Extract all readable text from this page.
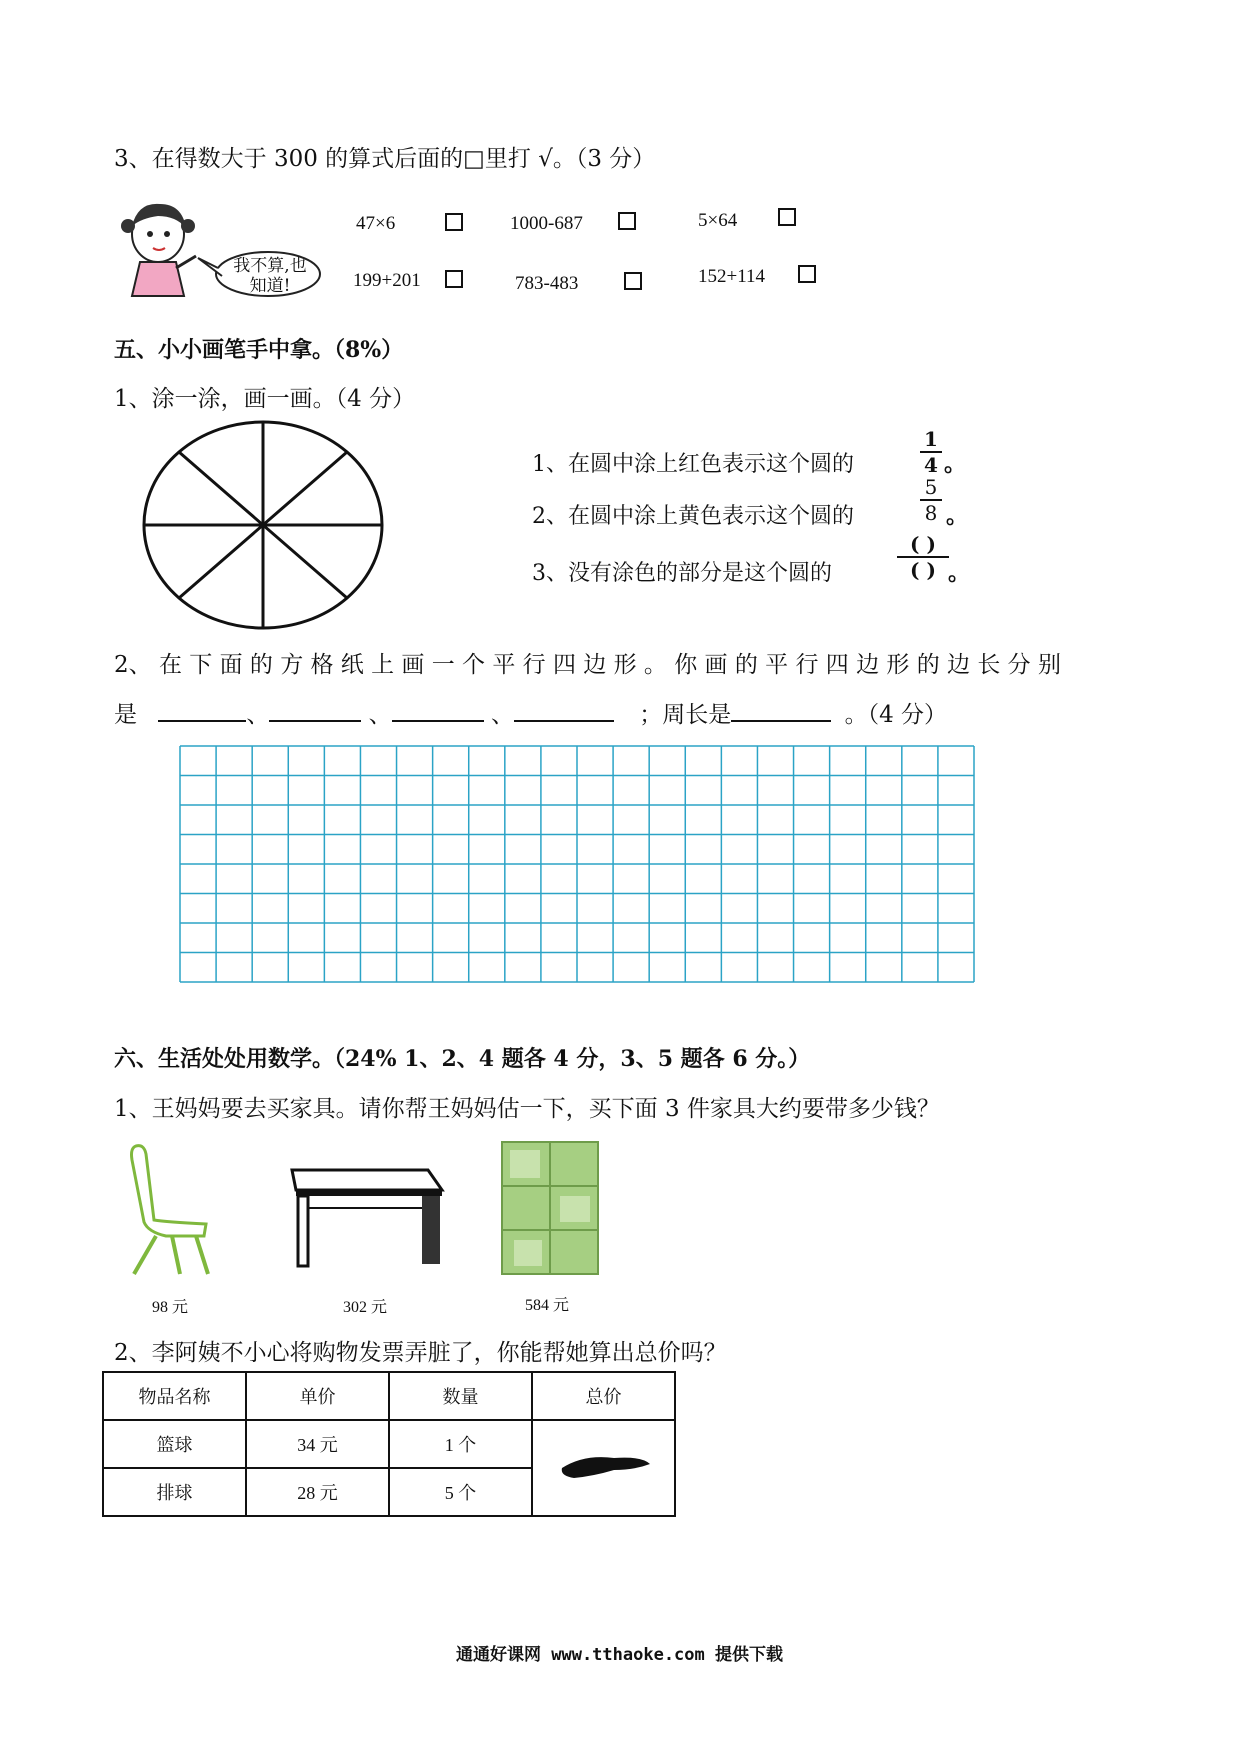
3、在得数大于 300 的算式后面的□里打 √。（3 分）
我不算,也
知道!
47×6	1000-687	5×64
199+201	783-483	152+114
五、小小画笔手中拿。（8%）
1、涂一涂，画一画。（4 分）
1、在圆中涂上红色表示这个圆的
1
4 。
2、在圆中涂上黄色表示这个圆的
5
8 。
3、没有涂色的部分是这个圆的
( )
( ) 。
2、 在 下 面 的 方 格 纸 上 画 一 个 平 行 四 边 形 。 你 画 的 平 行 四 边 形 的 边 长 分 别
是	、	、	、	；周长是	。（4 分）
六、生活处处用数学。（24% 1、2、4 题各 4 分，3、5 题各 6 分。）
1、王妈妈要去买家具。请你帮王妈妈估一下，买下面 3 件家具大约要带多少钱？
98 元	302 元	584 元
2、李阿姨不小心将购物发票弄脏了，你能帮她算出总价吗？
物品名称	单价	数量	总价
篮球	34 元	1 个	
排球	28 元	5 个	
通通好课网 www.tthaoke.com 提供下载
